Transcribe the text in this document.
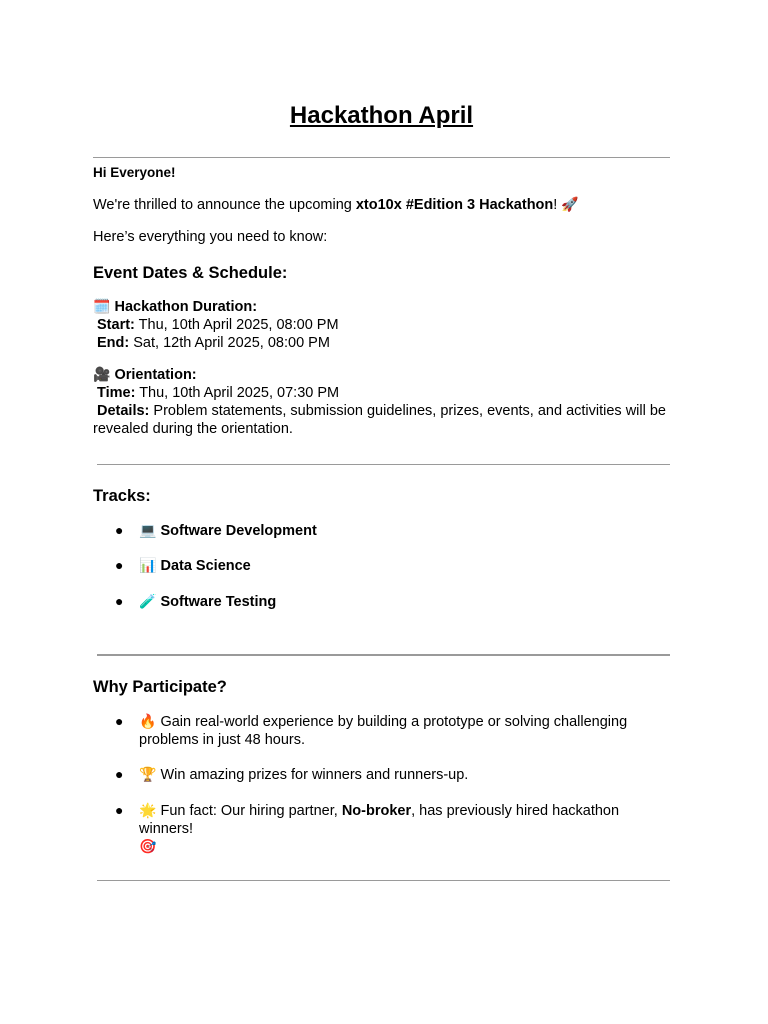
Hackathon April
Hi Everyone!
We're thrilled to announce the upcoming xto10x #Edition 3 Hackathon! 🚀
Here’s everything you need to know:
Event Dates & Schedule:
🗓️ Hackathon Duration:
Start: Thu, 10th April 2025, 08:00 PM
End: Sat, 12th April 2025, 08:00 PM
🎥 Orientation:
Time: Thu, 10th April 2025, 07:30 PM
Details: Problem statements, submission guidelines, prizes, events, and activities will be
revealed during the orientation.
Tracks:
● 💻 Software Development
● 📊 Data Science
● 🧪 Software Testing
Why Participate?
● 🔥 Gain real-world experience by building a prototype or solving challenging
problems in just 48 hours.
● 🏆 Win amazing prizes for winners and runners-up.
● 🌟 Fun fact: Our hiring partner, No-broker, has previously hired hackathon winners!
🎯
